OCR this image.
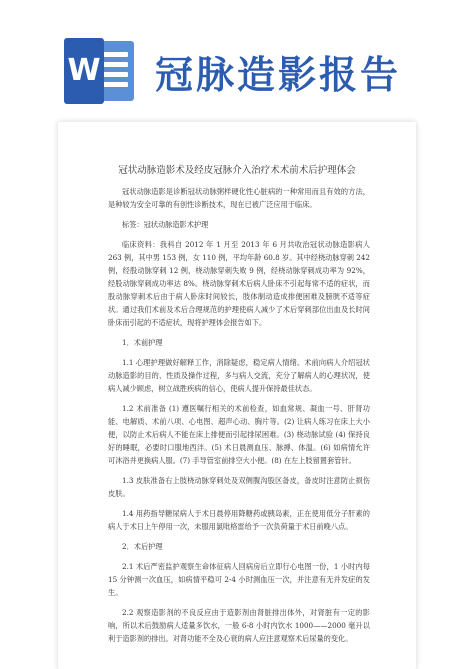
W 冠脉造影报告
冠状动脉造影术及经皮冠脉介入治疗术术前术后护理体会

冠状动脉造影是诊断冠状动脉粥样硬化性心脏病的一种常用而且有效的方法，是种较为安全可靠的有创性诊断技术，现在已被广泛应用于临床。

标签：冠状动脉造影术护理

临床资料：我科自 2012 年 1 月至 2013 年 6 月共收治冠状动脉造影病人 263 例，其中男 153 例，女 110 例，平均年龄 60.8 岁。其中经桡动脉穿刺 242 例，经股动脉穿刺 12 例，桡动脉穿刺失败 9 例，经桡动脉穿刺成功率为 92%，经股动脉穿刺成功率达 8%。桡动脉穿刺术后病人卧床不引起每常不适的症状，而股动脉穿刺术后由于病人卧床时间较长，肢体制动造成排便困难及膀胱不适等症状。通过我们术前及术后合理规范的护理使病人减少了术后穿刺部位出血及长时间卧床而引起的不适症状，现将护理体会报告如下。

1．术前护理

1.1 心理护理做好解释工作，消除疑虑，稳定病人情绪。术前向病人介绍冠状动脉造影的目的、性质及操作过程，多与病人交流，充分了解病人的心理状况，使病人减少顾虑，树立战胜疾病的信心，使病人提升保持最佳状态。

1.2 术前准备 (1) 遵医嘱行相关的术前检查，如血常规、凝血一号、肝肾功能、电解质、术前八项、心电图、超声心动、胸片等。(2) 让病人练习在床上大小便，以防止术后病人不能在床上排便而引起排尿困难。(3) 桡动脉试验 (4) 保持良好的睡眠，必要时口服地西泮。(5) 术日晨测血压、脉搏、体温。(6) 如病情允许可沐浴并更换病人服。(7) 手导管室前排空大小便。(8) 在左上肢留置套管针。

1.3 皮肤准备右上肢桡动脉穿刺处及双侧腹沟股区备皮，备皮时注意防止损伤皮肤。

1.4 用药指导糖尿病人于术日晨停用降糖药或胰岛素，正在使用低分子肝素的病人于术日上午停用一次，未服用氯吡格雷给予一次负荷量于术日前晚八点。

2．术后护理

2.1 术后严密监护观察生命体征病人回病房后立即行心电图一份，1 小时内每 15 分钟测一次血压，如病情平稳可 2-4 小时测血压一次，并注意有无并发症的发生。

2.2 观察造影剂的不良反应由于造影剂由肾脏排出体外，对肾脏有一定的影响，所以术后鼓励病人适量多饮水，一般 6-8 小时内饮水 1000——2000 毫升以利于造影剂的排出。对肾功能不全及心衰的病人应注意观察术后尿量的变化。
